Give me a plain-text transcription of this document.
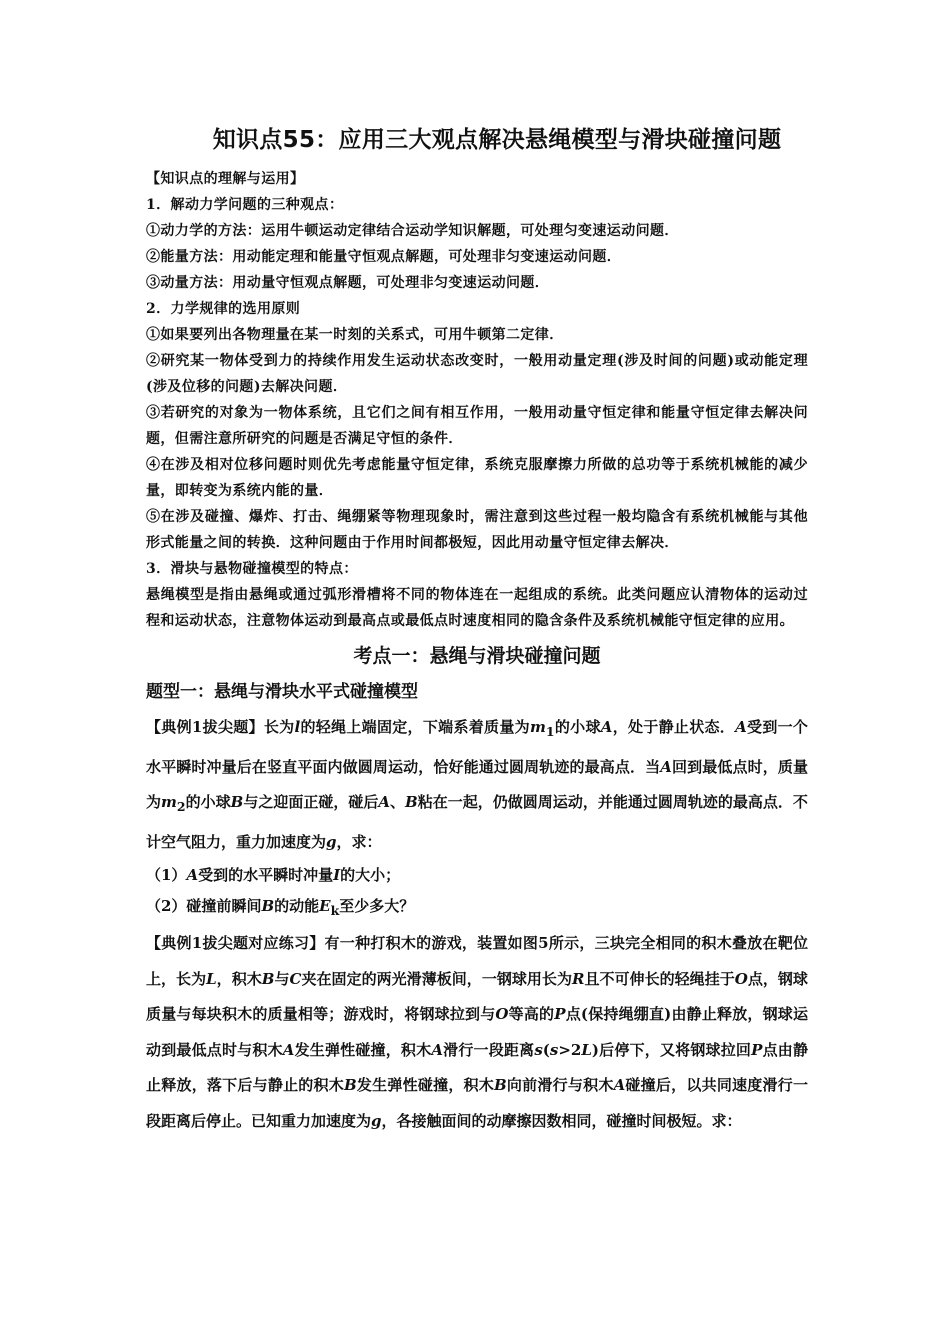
知识点55：应用三大观点解决悬绳模型与滑块碰撞问题

【知识点的理解与运用】

1．解动力学问题的三种观点：

①动力学的方法：运用牛顿运动定律结合运动学知识解题，可处理匀变速运动问题．

②能量方法：用动能定理和能量守恒观点解题，可处理非匀变速运动问题．

③动量方法：用动量守恒观点解题，可处理非匀变速运动问题．

2．力学规律的选用原则

①如果要列出各物理量在某一时刻的关系式，可用牛顿第二定律．

②研究某一物体受到力的持续作用发生运动状态改变时，一般用动量定理(涉及时间的问题)或动能定理(涉及位移的问题)去解决问题．

③若研究的对象为一物体系统，且它们之间有相互作用，一般用动量守恒定律和能量守恒定律去解决问题，但需注意所研究的问题是否满足守恒的条件．

④在涉及相对位移问题时则优先考虑能量守恒定律，系统克服摩擦力所做的总功等于系统机械能的减少量，即转变为系统内能的量．

⑤在涉及碰撞、爆炸、打击、绳绷紧等物理现象时，需注意到这些过程一般均隐含有系统机械能与其他形式能量之间的转换．这种问题由于作用时间都极短，因此用动量守恒定律去解决．

3．滑块与悬物碰撞模型的特点：

悬绳模型是指由悬绳或通过弧形滑槽将不同的物体连在一起组成的系统。此类问题应认清物体的运动过程和运动状态，注意物体运动到最高点或最低点时速度相同的隐含条件及系统机械能守恒定律的应用。

考点一：悬绳与滑块碰撞问题
题型一：悬绳与滑块水平式碰撞模型

【典例1拔尖题】长为l的轻绳上端固定，下端系着质量为$m_1$的小球A，处于静止状态．A受到一个水平瞬时冲量后在竖直平面内做圆周运动，恰好能通过圆周轨迹的最高点．当A回到最低点时，质量为$m_2$的小球B与之迎面正碰，碰后A、B粘在一起，仍做圆周运动，并能通过圆周轨迹的最高点．不计空气阻力，重力加速度为g，求：

（1）A受到的水平瞬时冲量I的大小；

（2）碰撞前瞬间B的动能$E_k$至少多大？

【典例1拔尖题对应练习】有一种打积木的游戏，装置如图5所示，三块完全相同的积木叠放在靶位上，长为L，积木B与C夹在固定的两光滑薄板间，一钢球用长为R且不可伸长的轻绳挂于O点，钢球质量与每块积木的质量相等；游戏时，将钢球拉到与O等高的P点(保持绳绷直)由静止释放，钢球运动到最低点时与积木A发生弹性碰撞，积木A滑行一段距离s(s>2L)后停下，又将钢球拉回P点由静止释放，落下后与静止的积木B发生弹性碰撞，积木B向前滑行与积木A碰撞后，以共同速度滑行一段距离后停止。已知重力加速度为g，各接触面间的动摩擦因数相同，碰撞时间极短。求：
